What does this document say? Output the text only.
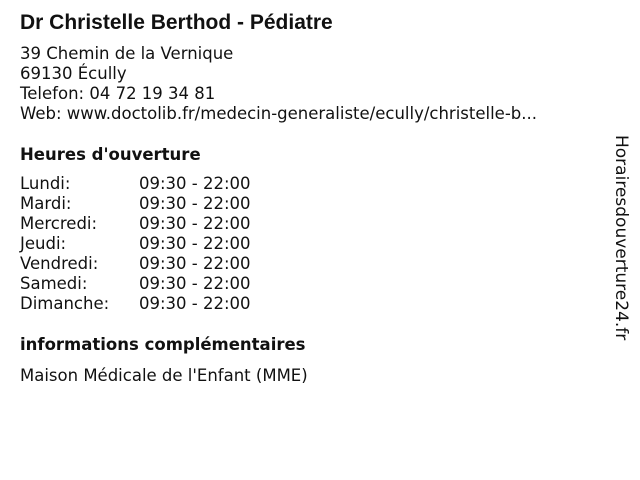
Dr Christelle Berthod - Pédiatre
39 Chemin de la Vernique
69130 Écully
Telefon: 04 72 19 34 81
Web: www.doctolib.fr/medecin-generaliste/ecully/christelle-b...
Heures d'ouverture
Lundi:	09:30 - 22:00
Mardi:	09:30 - 22:00
Mercredi:	09:30 - 22:00
Jeudi:	09:30 - 22:00
Vendredi:	09:30 - 22:00
Samedi:	09:30 - 22:00
Dimanche:	09:30 - 22:00
informations complémentaires
Maison Médicale de l'Enfant (MME)
Horairesdouverture24.fr
